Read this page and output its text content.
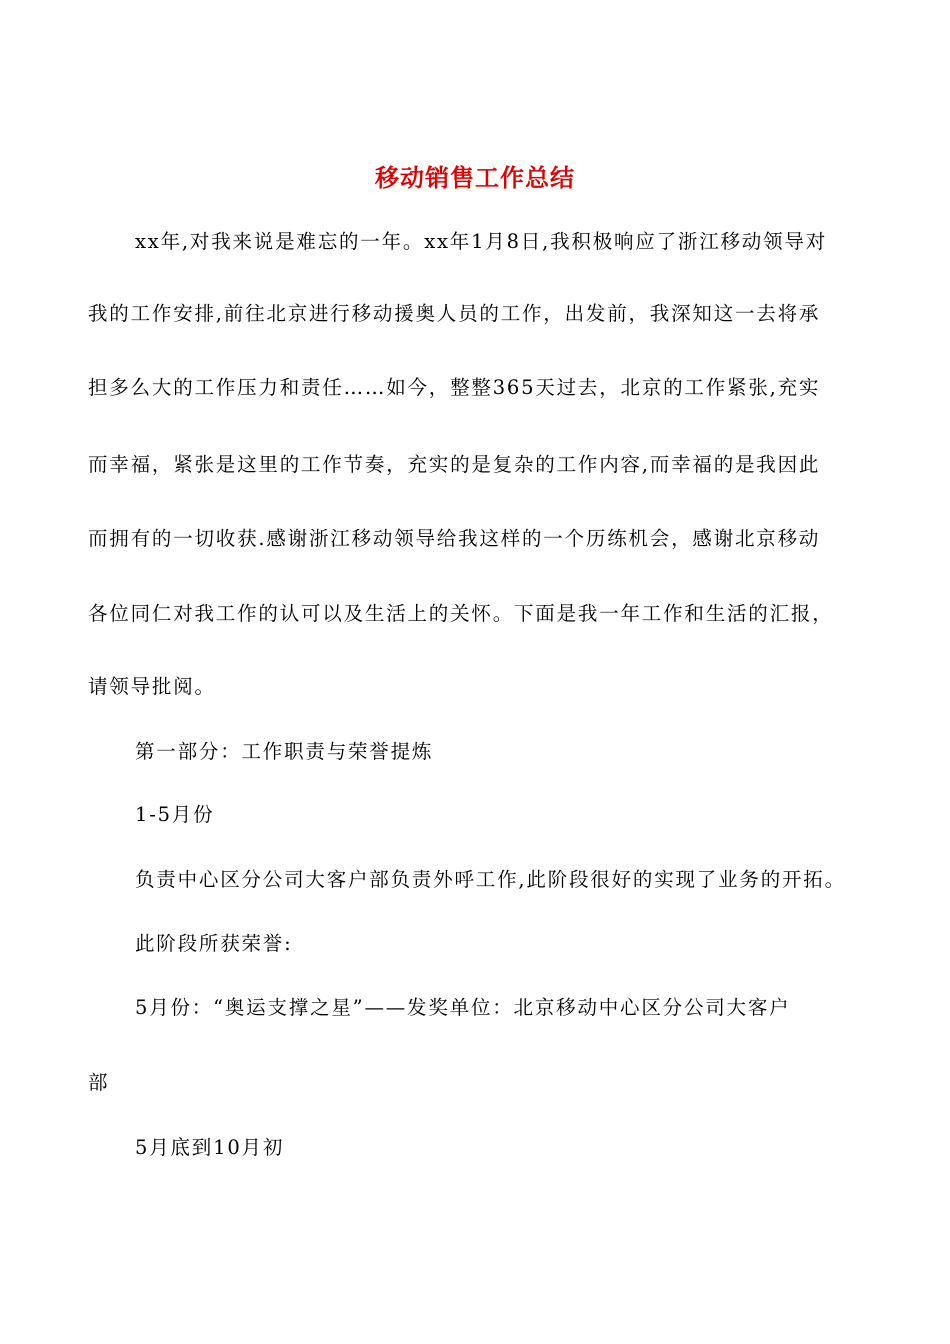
移动销售工作总结
xx年,对我来说是难忘的一年。xx年1月8日,我积极响应了浙江移动领导对
我的工作安排,前往北京进行移动援奥人员的工作，出发前，我深知这一去将承
担多么大的工作压力和责任……如今，整整365天过去，北京的工作紧张,充实
而幸福，紧张是这里的工作节奏，充实的是复杂的工作内容,而幸福的是我因此
而拥有的一切收获.感谢浙江移动领导给我这样的一个历练机会，感谢北京移动
各位同仁对我工作的认可以及生活上的关怀。下面是我一年工作和生活的汇报，
请领导批阅。
第一部分：工作职责与荣誉提炼
1-5月份
负责中心区分公司大客户部负责外呼工作,此阶段很好的实现了业务的开拓。
此阶段所获荣誉:
5月份：“奥运支撑之星”——发奖单位：北京移动中心区分公司大客户
部
5月底到10月初
